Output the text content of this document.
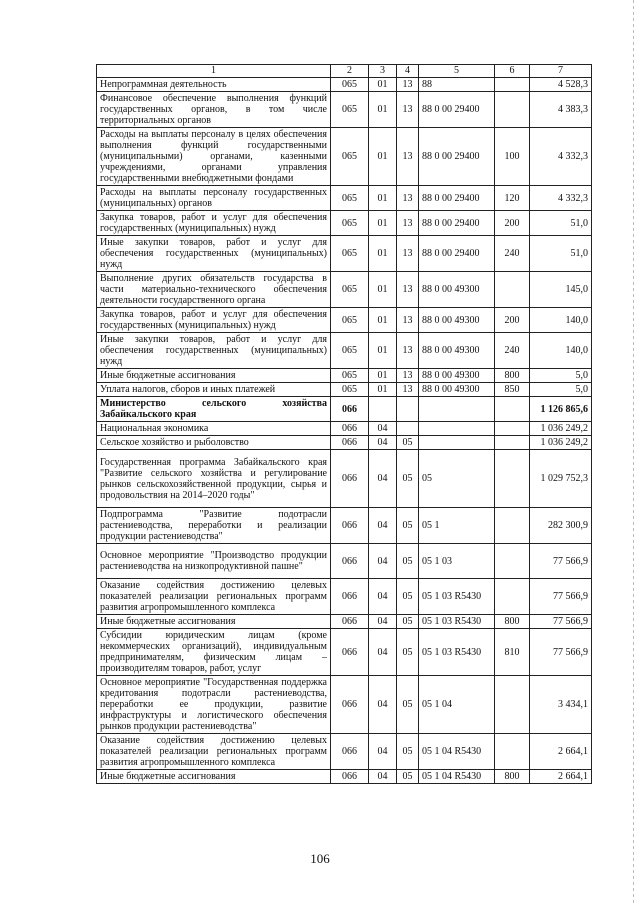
1	2	3	4	5	6	7
Непрограммная деятельность	065	01	13	88		4 528,3
Финансовое обеспечение выполнения функций государственных органов, в том числе территориальных органов	065	01	13	88 0 00 29400		4 383,3
Расходы на выплаты персоналу в целях обеспечения выполнения функций государственными (муниципальными) органами, казенными учреждениями, органами управления государственными внебюджетными фондами	065	01	13	88 0 00 29400	100	4 332,3
Расходы на выплаты персоналу государственных (муниципальных) органов	065	01	13	88 0 00 29400	120	4 332,3
Закупка товаров, работ и услуг для обеспечения государственных (муниципальных) нужд	065	01	13	88 0 00 29400	200	51,0
Иные закупки товаров, работ и услуг для обеспечения государственных (муниципальных) нужд	065	01	13	88 0 00 29400	240	51,0
Выполнение других обязательств государства в части материально-технического обеспечения деятельности государственного органа	065	01	13	88 0 00 49300		145,0
Закупка товаров, работ и услуг для обеспечения государственных (муниципальных) нужд	065	01	13	88 0 00 49300	200	140,0
Иные закупки товаров, работ и услуг для обеспечения государственных (муниципальных) нужд	065	01	13	88 0 00 49300	240	140,0
Иные бюджетные ассигнования	065	01	13	88 0 00 49300	800	5,0
Уплата налогов, сборов и иных платежей	065	01	13	88 0 00 49300	850	5,0
Министерство сельского хозяйства Забайкальского края	066					1 126 865,6
Национальная экономика	066	04				1 036 249,2
Сельское хозяйство и рыболовство	066	04	05			1 036 249,2
Государственная программа Забайкальского края "Развитие сельского хозяйства и регулирование рынков сельскохозяйственной продукции, сырья и продовольствия на 2014–2020 годы"	066	04	05	05		1 029 752,3
Подпрограмма "Развитие подотрасли растениеводства, переработки и реализации продукции растениеводства"	066	04	05	05 1		282 300,9
Основное мероприятие "Производство продукции растениеводства на низкопродуктивной пашне"	066	04	05	05 1 03		77 566,9
Оказание содействия достижению целевых показателей реализации региональных программ развития агропромышленного комплекса	066	04	05	05 1 03 R5430		77 566,9
Иные бюджетные ассигнования	066	04	05	05 1 03 R5430	800	77 566,9
Субсидии юридическим лицам (кроме некоммерческих организаций), индивидуальным предпринимателям, физическим лицам – производителям товаров, работ, услуг	066	04	05	05 1 03 R5430	810	77 566,9
Основное мероприятие "Государственная поддержка кредитования подотрасли растениеводства, переработки ее продукции, развитие инфраструктуры и логистического обеспечения рынков продукции растениеводства"	066	04	05	05 1 04		3 434,1
Оказание содействия достижению целевых показателей реализации региональных программ развития агропромышленного комплекса	066	04	05	05 1 04 R5430		2 664,1
Иные бюджетные ассигнования	066	04	05	05 1 04 R5430	800	2 664,1
106
